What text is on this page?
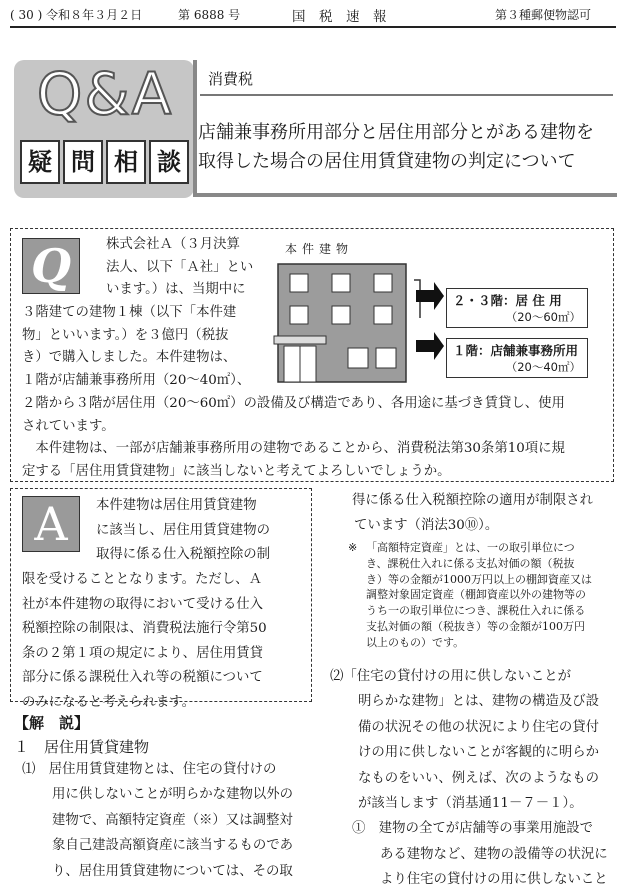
( 30 ) 令和８年３月２日	第 6888 号	国　税　速　報	第３種郵便物認可
Q&A
疑 問 相 談
消費税
店舗兼事務所用部分と居住用部分とがある建物を
取得した場合の居住用賃貸建物の判定について
Q	株式会社Ａ（３月決算
法人、以下「Ａ社」とい
います。）は、当期中に
３階建ての建物１棟（以下「本件建
物」といいます。）を３億円（税抜
き）で購入しました。本件建物は、
１階が店舗兼事務所用（20～40㎡）、
２階から３階が居住用（20～60㎡）の設備及び構造であり、各用途に基づき賃貸し、使用
されています。
　本件建物は、一部が店舗兼事務所用の建物であることから、消費税法第30条第10項に規
定する「居住用賃貸建物」に該当しないと考えてよろしいでしょうか。
本件建物
２・３階：居 住 用
（20～60㎡）
１階：店舗兼事務所用
（20～40㎡）
A	本件建物は居住用賃貸建物
に該当し、居住用賃貸建物の
取得に係る仕入税額控除の制
限を受けることとなります。ただし、Ａ
社が本件建物の取得において受ける仕入
税額控除の制限は、消費税法施行令第50
条の２第１項の規定により、居住用賃貸
部分に係る課税仕入れ等の税額について
のみになると考えられます。
得に係る仕入税額控除の適用が制限され
ています（消法30⑩）。
※ 「高額特定資産」とは、一の取引単位につ
き、課税仕入れに係る支払対価の額（税抜
き）等の金額が1000万円以上の棚卸資産又は
調整対象固定資産（棚卸資産以外の建物等の
うち一の取引単位につき、課税仕入れに係る
支払対価の額（税抜き）等の金額が100万円
以上のもの）です。
【解　説】
１　居住用賃貸建物
⑴　居住用賃貸建物とは、住宅の貸付けの
用に供しないことが明らかな建物以外の
建物で、高額特定資産（※）又は調整対
象自己建設高額資産に該当するものであ
り、居住用賃貸建物については、その取
⑵「住宅の貸付けの用に供しないことが
明らかな建物」とは、建物の構造及び設
備の状況その他の状況により住宅の貸付
けの用に供しないことが客観的に明らか
なものをいい、例えば、次のようなもの
が該当します（消基通11－７－１）。
①　建物の全てが店舗等の事業用施設で
ある建物など、建物の設備等の状況に
より住宅の貸付けの用に供しないこと
